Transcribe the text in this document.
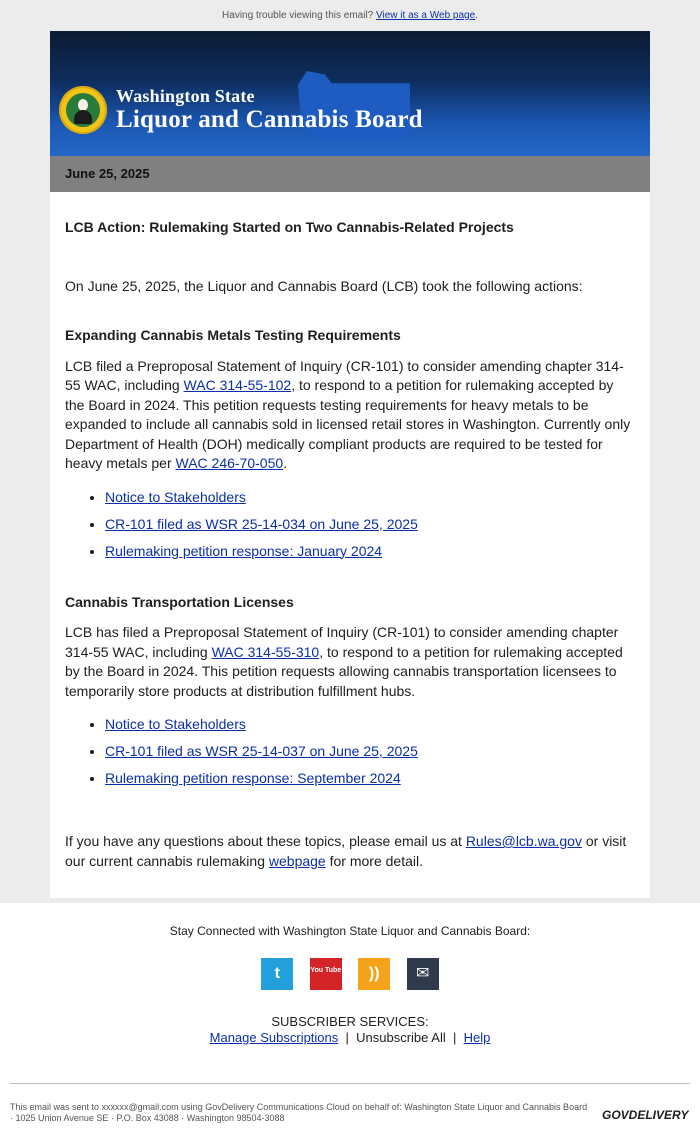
Having trouble viewing this email? View it as a Web page.
Washington State
Liquor and Cannabis Board
June 25, 2025
LCB Action: Rulemaking Started on Two Cannabis-Related Projects

On June 25, 2025, the Liquor and Cannabis Board (LCB) took the following actions:

Expanding Cannabis Metals Testing Requirements

LCB filed a Preproposal Statement of Inquiry (CR-101) to consider amending chapter 314-55 WAC, including WAC 314-55-102, to respond to a petition for rulemaking accepted by the Board in 2024. This petition requests testing requirements for heavy metals to be expanded to include all cannabis sold in licensed retail stores in Washington. Currently only Department of Health (DOH) medically compliant products are required to be tested for heavy metals per WAC 246-70-050.

• Notice to Stakeholders
• CR-101 filed as WSR 25-14-034 on June 25, 2025
• Rulemaking petition response: January 2024
Cannabis Transportation Licenses

LCB has filed a Preproposal Statement of Inquiry (CR-101) to consider amending chapter 314-55 WAC, including WAC 314-55-310, to respond to a petition for rulemaking accepted by the Board in 2024. This petition requests allowing cannabis transportation licensees to temporarily store products at distribution fulfillment hubs.

• Notice to Stakeholders
• CR-101 filed as WSR 25-14-037 on June 25, 2025
• Rulemaking petition response: September 2024

If you have any questions about these topics, please email us at Rules@lcb.wa.gov or visit our current cannabis rulemaking webpage for more detail.

Stay Connected with Washington State Liquor and Cannabis Board:
t
	You Tube
	))
	✉
SUBSCRIBER SERVICES:
Manage Subscriptions | Unsubscribe All | Help
This email was sent to xxxxxx@gmail.com using GovDelivery Communications Cloud on behalf of: Washington State Liquor and Cannabis Board · 1025 Union Avenue SE · P.O. Box 43088 · Washington 98504-3088	GOVDELIVERY
